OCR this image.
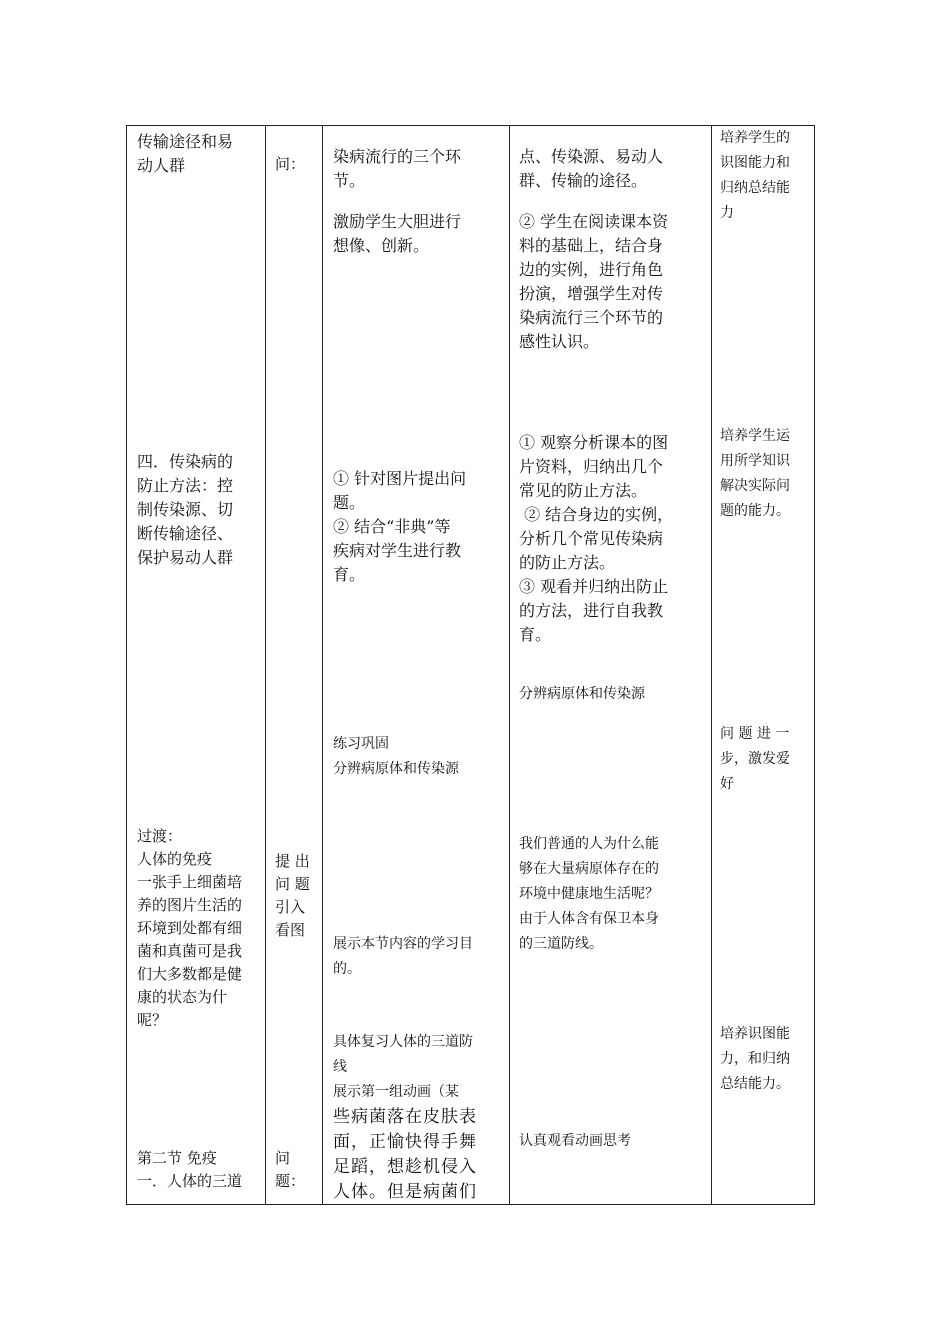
传输途径和易
动人群
四．传染病的
防止方法：控
制传染源、切
断传输途径、
保护易动人群
过渡：
人体的免疫
一张手上细菌培
养的图片生活的
环境到处都有细
菌和真菌可是我
们大多数都是健
康的状态为什
呢？
第二节 免疫
一．人体的三道
问：
提 出
问 题
引入
看图
问
题：
染病流行的三个环
节。
激励学生大胆进行
想像、创新。
① 针对图片提出问
题。
② 结合“非典”等
疾病对学生进行教
育。
练习巩固
分辨病原体和传染源
展示本节内容的学习目
的。
具体复习人体的三道防
线
展示第一组动画（某
些病菌落在皮肤表
面，正愉快得手舞
足蹈，想趁机侵入
人体。但是病菌们
点、传染源、易动人
群、传输的途径。
② 学生在阅读课本资
料的基础上，结合身
边的实例，进行角色
扮演，增强学生对传
染病流行三个环节的
感性认识。
① 观察分析课本的图
片资料，归纳出几个
常见的防止方法。
② 结合身边的实例，
分析几个常见传染病
的防止方法。
③ 观看并归纳出防止
的方法，进行自我教
育。
分辨病原体和传染源
我们普通的人为什么能
够在大量病原体存在的
环境中健康地生活呢？
由于人体含有保卫本身
的三道防线。
认真观看动画思考
培养学生的
识图能力和
归纳总结能
力
培养学生运
用所学知识
解决实际问
题的能力。
问 题 进 一
步，激发爱
好
培养识图能
力，和归纳
总结能力。
